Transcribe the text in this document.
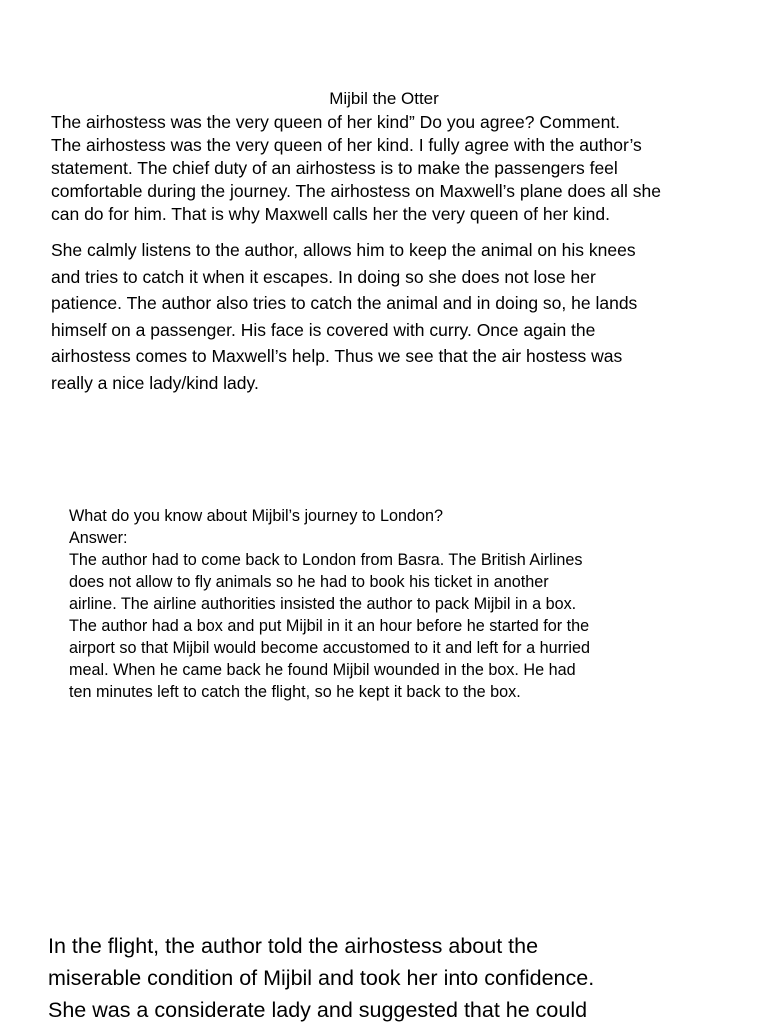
Mijbil the Otter
The airhostess was the very queen of her kind” Do you agree? Comment.
The airhostess was the very queen of her kind. I fully agree with the author’s
statement. The chief duty of an airhostess is to make the passengers feel
comfortable during the journey. The airhostess on Maxwell’s plane does all she
can do for him. That is why Maxwell calls her the very queen of her kind.
She calmly listens to the author, allows him to keep the animal on his knees
and tries to catch it when it escapes. In doing so she does not lose her
patience. The author also tries to catch the animal and in doing so, he lands
himself on a passenger. His face is covered with curry. Once again the
airhostess comes to Maxwell’s help. Thus we see that the air hostess was
really a nice lady/kind lady.
What do you know about Mijbil’s journey to London?
Answer:
The author had to come back to London from Basra. The British Airlines
does not allow to fly animals so he had to book his ticket in another
airline. The airline authorities insisted the author to pack Mijbil in a box.
The author had a box and put Mijbil in it an hour before he started for the
airport so that Mijbil would become accustomed to it and left for a hurried
meal. When he came back he found Mijbil wounded in the box. He had
ten minutes left to catch the flight, so he kept it back to the box.
In the flight, the author told the airhostess about the
miserable condition of Mijbil and took her into confidence.
She was a considerate lady and suggested that he could
